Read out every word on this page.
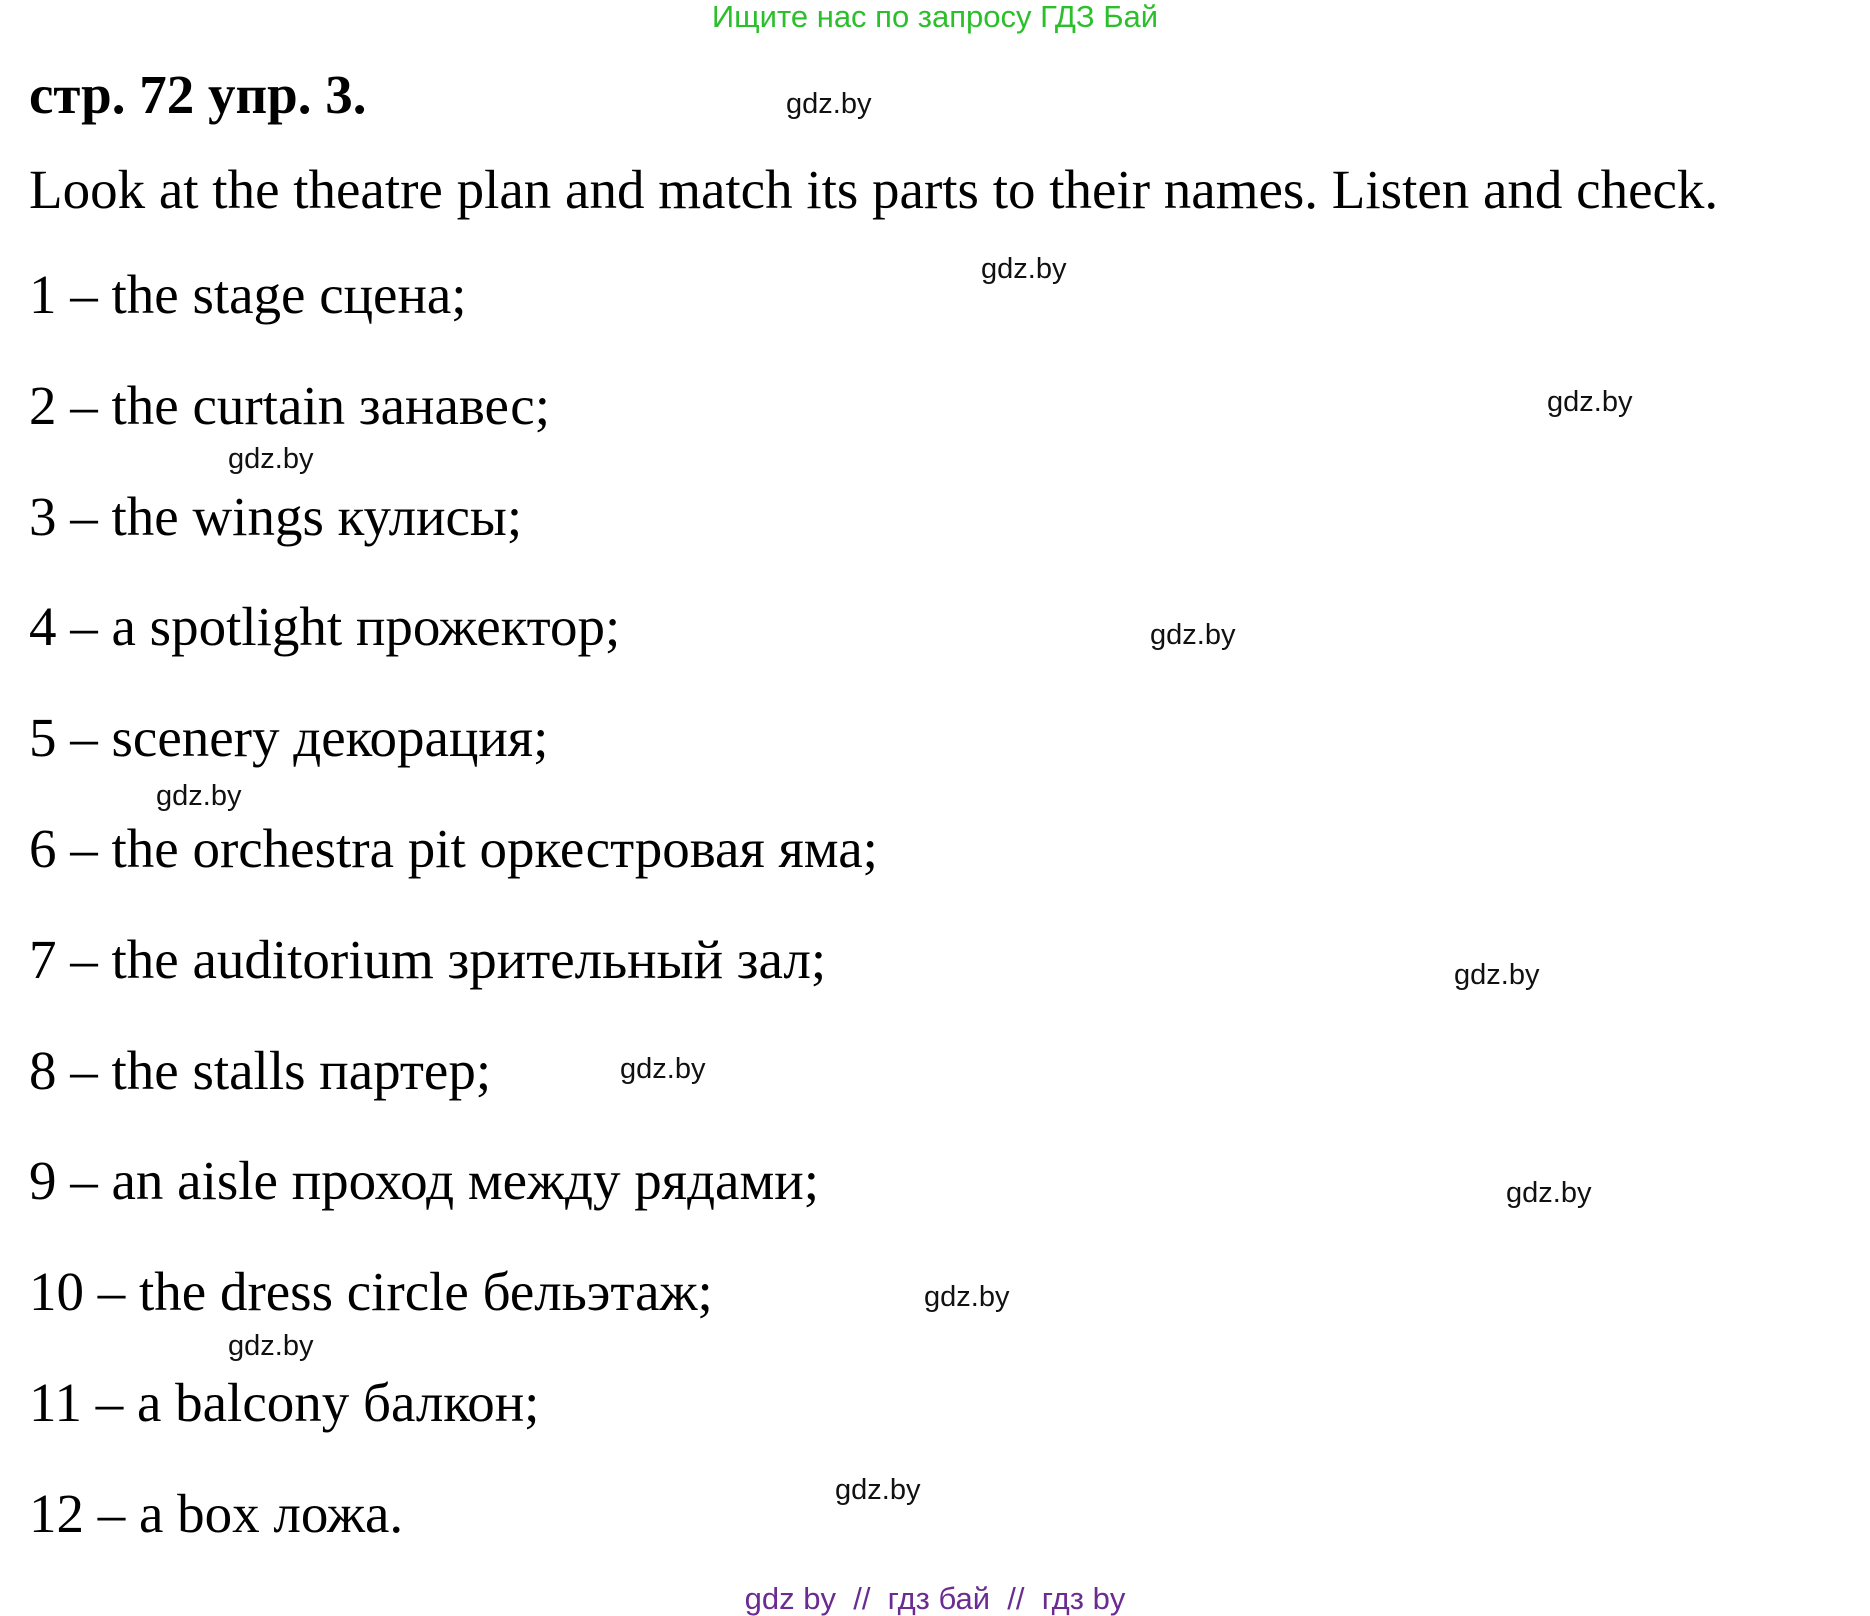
Ищите нас по запросу ГДЗ Бай
стр. 72 упр. 3.
Look at the theatre plan and match its parts to their names. Listen and check.
1 – the stage сцена;
2 – the curtain занавес;
3 – the wings кулисы;
4 – a spotlight прожектор;
5 – scenery декорация;
6 – the orchestra pit оркестровая яма;
7 – the auditorium зрительный зал;
8 – the stalls партер;
9 – an aisle проход между рядами;
10 – the dress circle бельэтаж;
11 – a balcony балкон;
12 – a box ложа.
gdz.by
gdz.by
gdz.by
gdz.by
gdz.by
gdz.by
gdz.by
gdz.by
gdz.by
gdz.by
gdz.by
gdz.by
gdz by  //  гдз бай  //  гдз by
